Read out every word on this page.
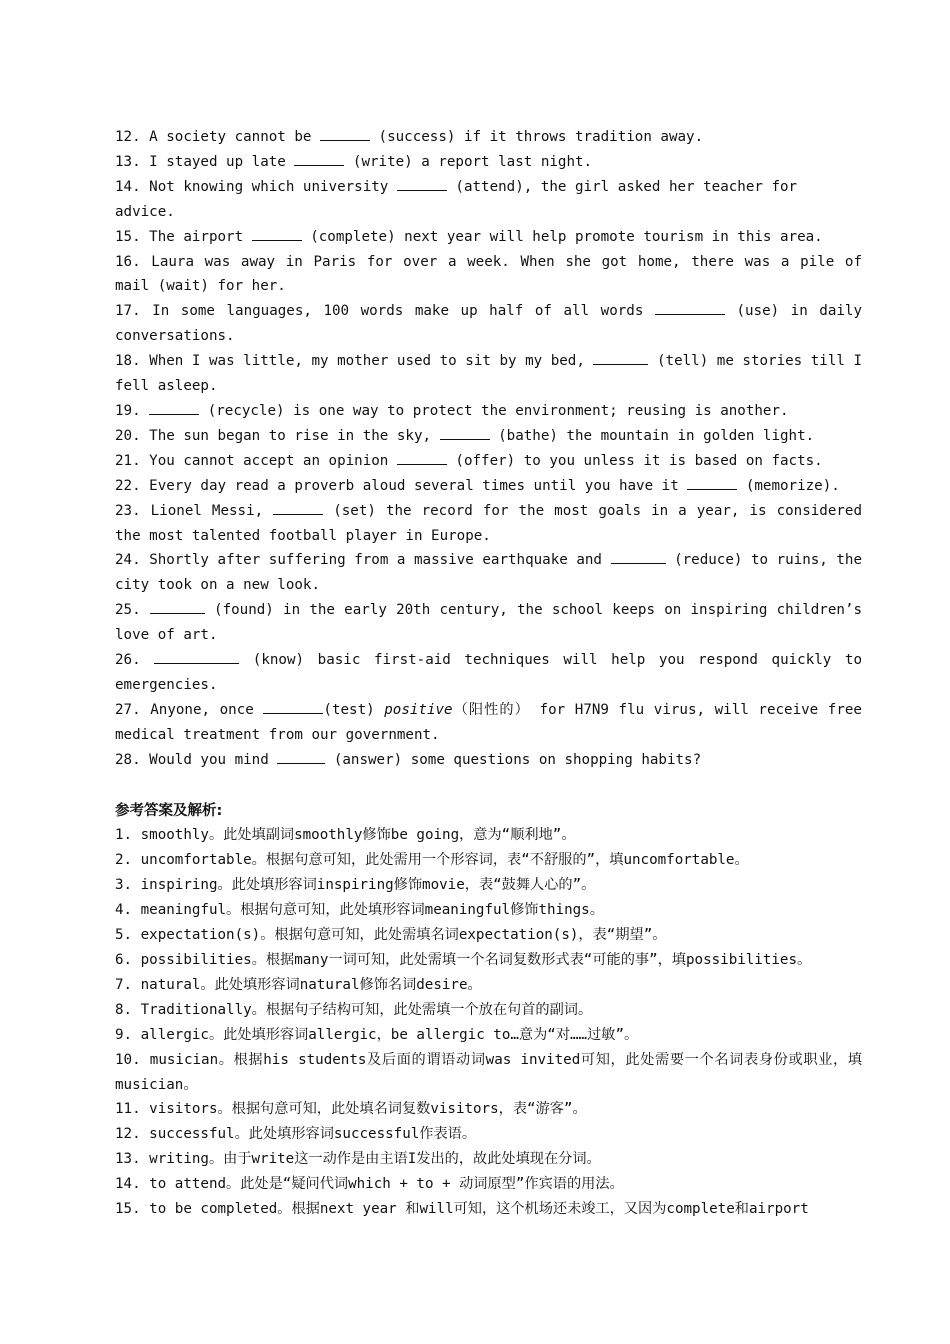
12. A society cannot be	(success) if it throws tradition away.
13. I stayed up late	(write) a report last night.
14. Not knowing which university	(attend), the girl asked her teacher for advice.
15. The airport	(complete) next year will help promote tourism in this area.
16. Laura was away in Paris for over a week. When she got home, there was a pile of mail (wait) for her.
17. In some languages, 100 words make up half of all words	(use) in daily conversations.
18. When I was little, my mother used to sit by my bed,	(tell) me stories till I fell asleep.
19.	(recycle) is one way to protect the environment; reusing is another.
20. The sun began to rise in the sky,	(bathe) the mountain in golden light.
21. You cannot accept an opinion	(offer) to you unless it is based on facts.
22. Every day read a proverb aloud several times until you have it	(memorize).
23. Lionel Messi,	(set) the record for the most goals in a year, is considered the most talented football player in Europe.
24. Shortly after suffering from a massive earthquake and	(reduce) to ruins, the city took on a new look.
25.	(found) in the early 20th century, the school keeps on inspiring children’s love of art.
26.	(know) basic first-aid techniques will help you respond quickly to emergencies.
27. Anyone, once	(test) positive（阳性的） for H7N9 flu virus, will receive free medical treatment from our government.
28. Would you mind	(answer) some questions on shopping habits?
参考答案及解析:
1. smoothly。此处填副词smoothly修饰be going，意为“顺利地”。
2. uncomfortable。根据句意可知，此处需用一个形容词，表“不舒服的”，填uncomfortable。
3. inspiring。此处填形容词inspiring修饰movie，表“鼓舞人心的”。
4. meaningful。根据句意可知，此处填形容词meaningful修饰things。
5. expectation(s)。根据句意可知，此处需填名词expectation(s)，表“期望”。
6. possibilities。根据many一词可知，此处需填一个名词复数形式表“可能的事”，填possibilities。
7. natural。此处填形容词natural修饰名词desire。
8. Traditionally。根据句子结构可知，此处需填一个放在句首的副词。
9. allergic。此处填形容词allergic，be allergic to…意为“对……过敏”。
10. musician。根据his students及后面的谓语动词was invited可知，此处需要一个名词表身份或职业，填musician。
11. visitors。根据句意可知，此处填名词复数visitors，表“游客”。
12. successful。此处填形容词successful作表语。
13. writing。由于write这一动作是由主语I发出的，故此处填现在分词。
14. to attend。此处是“疑问代词which + to + 动词原型”作宾语的用法。
15. to be completed。根据next year 和will可知，这个机场还未竣工，又因为complete和airport
